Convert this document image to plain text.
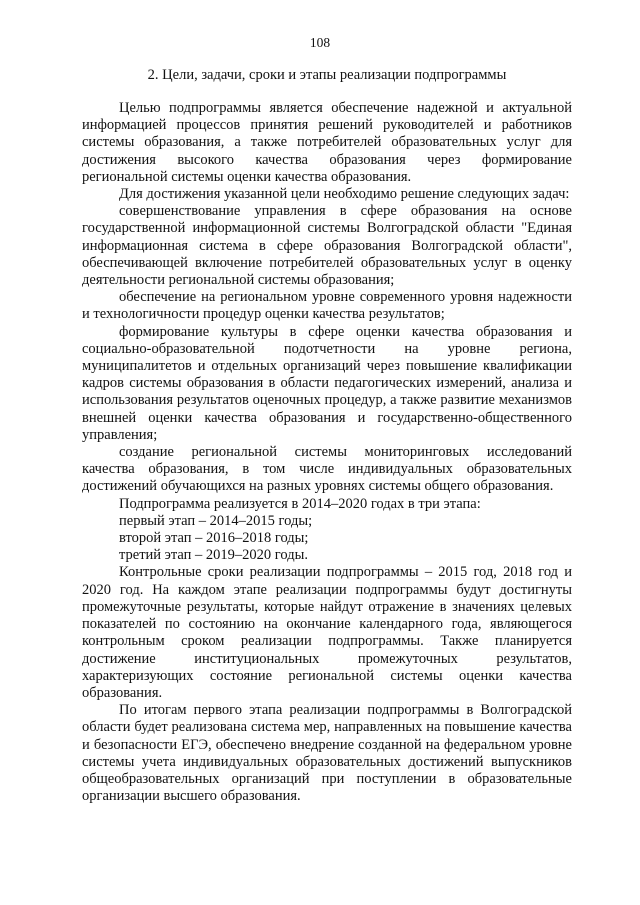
108
2. Цели, задачи, сроки и этапы реализации подпрограммы

Целью подпрограммы является обеспечение надежной и актуальной информацией процессов принятия решений руководителей и работников системы образования, а также потребителей образовательных услуг для достижения высокого качества образования через формирование региональной системы оценки качества образования.

Для достижения указанной цели необходимо решение следующих задач:

совершенствование управления в сфере образования на основе государственной информационной системы Волгоградской области "Единая информационная система в сфере образования Волгоградской области", обеспечивающей включение потребителей образовательных услуг в оценку деятельности региональной системы образования;

обеспечение на региональном уровне современного уровня надежности и технологичности процедур оценки качества результатов;

формирование культуры в сфере оценки качества образования и социально-образовательной подотчетности на уровне региона, муниципалитетов и отдельных организаций через повышение квалификации кадров системы образования в области педагогических измерений, анализа и использования результатов оценочных процедур, а также развитие механизмов внешней оценки качества образования и государственно-общественного управления;

создание региональной системы мониторинговых исследований качества образования, в том числе индивидуальных образовательных достижений обучающихся на разных уровнях системы общего образования.

Подпрограмма реализуется в 2014–2020 годах в три этапа:

первый этап – 2014–2015 годы;

второй этап – 2016–2018 годы;

третий этап – 2019–2020 годы.

Контрольные сроки реализации подпрограммы – 2015 год, 2018 год и 2020 год. На каждом этапе реализации подпрограммы будут достигнуты промежуточные результаты, которые найдут отражение в значениях целевых показателей по состоянию на окончание календарного года, являющегося контрольным сроком реализации подпрограммы. Также планируется достижение институциональных промежуточных результатов, характеризующих состояние региональной системы оценки качества образования.

По итогам первого этапа реализации подпрограммы в Волгоградской области будет реализована система мер, направленных на повышение качества и безопасности ЕГЭ, обеспечено внедрение созданной на федеральном уровне системы учета индивидуальных образовательных достижений выпускников общеобразовательных организаций при поступлении в образовательные организации высшего образования.
